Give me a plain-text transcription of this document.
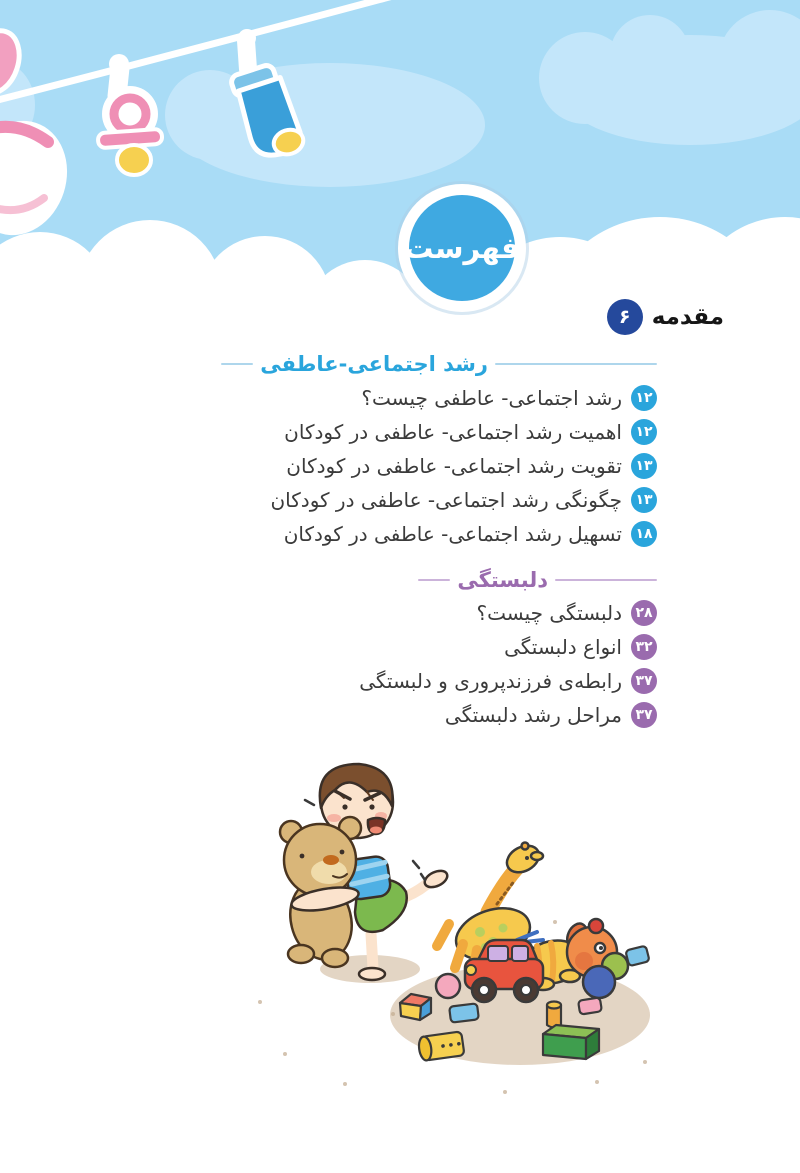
فهرست
مقدمه
۶
رشد اجتماعی-عاطفی
۱۲
رشد اجتماعی- عاطفی چیست؟
۱۲
اهمیت رشد اجتماعی- عاطفی در کودکان
۱۳
تقویت رشد اجتماعی- عاطفی در کودکان
۱۳
چگونگی رشد اجتماعی- عاطفی در کودکان
۱۸
تسهیل رشد اجتماعی- عاطفی در کودکان
دلبستگی
۲۸
دلبستگی چیست؟
۳۲
انواع دلبستگی
۳۷
رابطه‌ی فرزندپروری و دلبستگی
۳۷
مراحل رشد دلبستگی
